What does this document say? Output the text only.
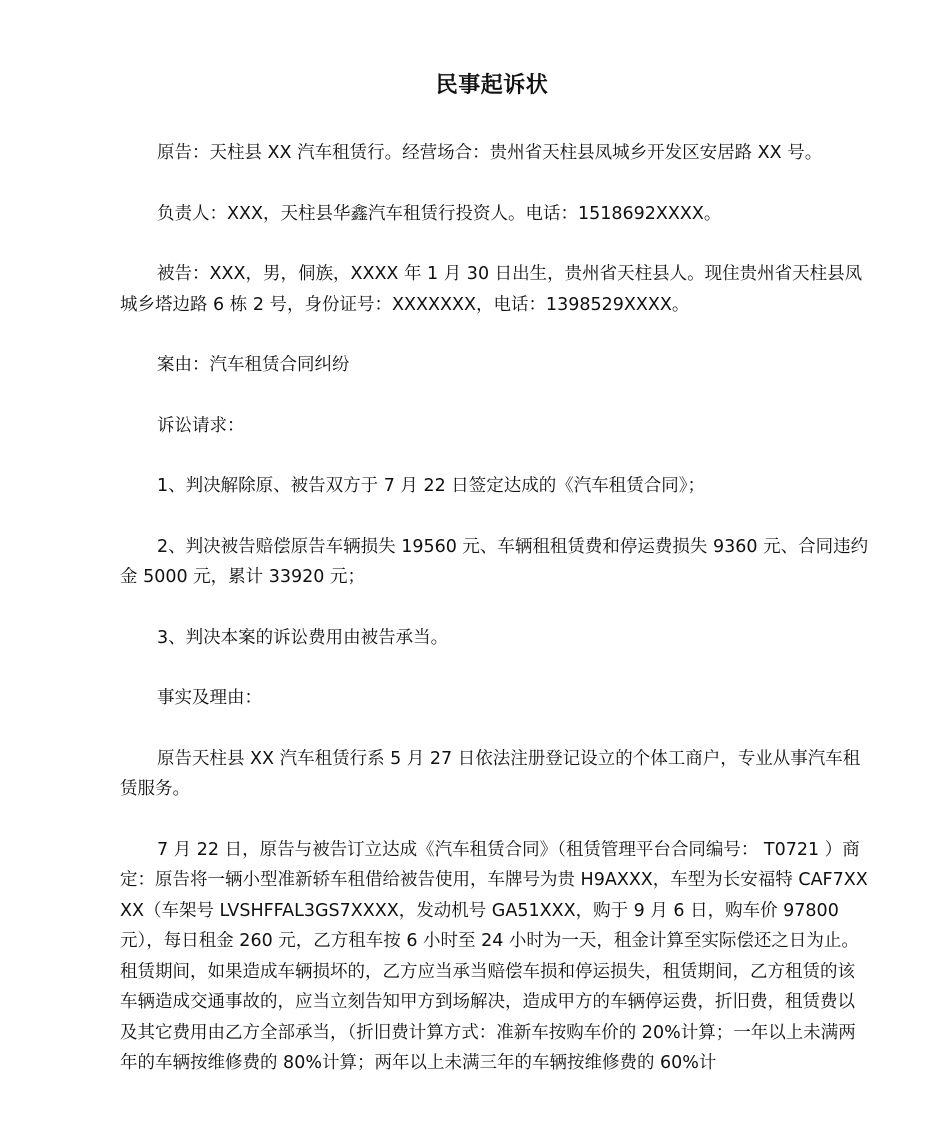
民事起诉状

原告：天柱县 XX 汽车租赁行。经营场合：贵州省天柱县凤城乡开发区安居路 XX 号。

负责人：XXX，天柱县华鑫汽车租赁行投资人。电话：1518692XXXX。

被告：XXX，男，侗族，XXXX 年 1 月 30 日出生，贵州省天柱县人。现住贵州省天柱县凤城乡塔边路 6 栋 2 号，身份证号：XXXXXXX，电话：1398529XXXX。

案由：汽车租赁合同纠纷

诉讼请求：

1、判决解除原、被告双方于 7 月 22 日签定达成的《汽车租赁合同》；

2、判决被告赔偿原告车辆损失 19560 元、车辆租租赁费和停运费损失 9360 元、合同违约金 5000 元，累计 33920 元；

3、判决本案的诉讼费用由被告承当。

事实及理由：

原告天柱县 XX 汽车租赁行系 5 月 27 日依法注册登记设立的个体工商户，专业从事汽车租赁服务。

7 月 22 日，原告与被告订立达成《汽车租赁合同》（租赁管理平台合同编号： T0721 ）商定：原告将一辆小型准新轿车租借给被告使用，车牌号为贵 H9AXXX，车型为长安福特 CAF7XXXX（车架号 LVSHFFAL3GS7XXXX，发动机号 GA51XXX，购于 9 月 6 日，购车价 97800 元），每日租金 260 元，乙方租车按 6 小时至 24 小时为一天，租金计算至实际偿还之日为止。租赁期间，如果造成车辆损坏的，乙方应当承当赔偿车损和停运损失，租赁期间，乙方租赁的该车辆造成交通事故的，应当立刻告知甲方到场解决，造成甲方的车辆停运费，折旧费，租赁费以及其它费用由乙方全部承当，（折旧费计算方式：准新车按购车价的 20%计算；一年以上未满两年的车辆按维修费的 80%计算；两年以上未满三年的车辆按维修费的 60%计
